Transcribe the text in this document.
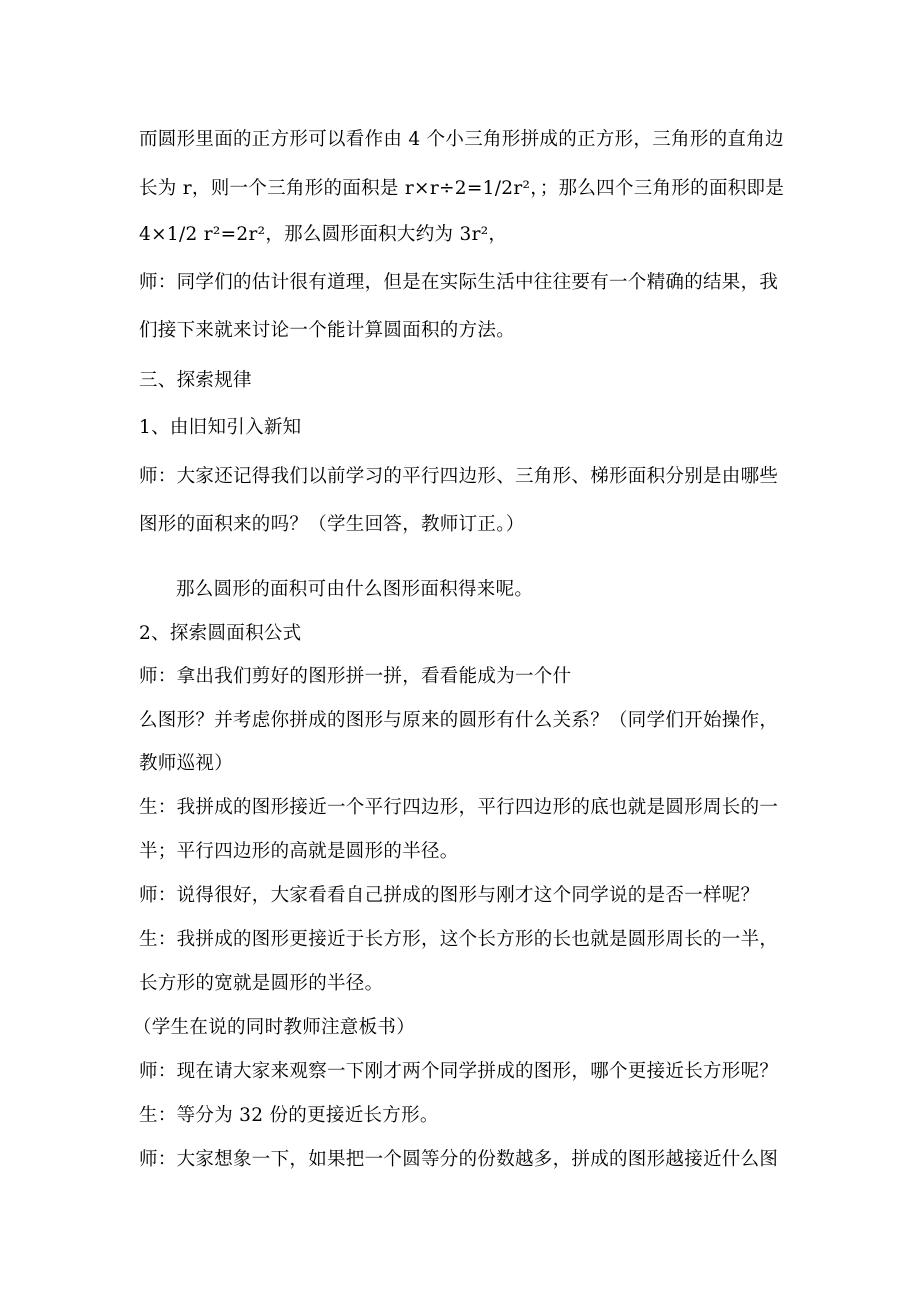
而圆形里面的正方形可以看作由 4 个小三角形拼成的正方形，三角形的直角边
长为 r，则一个三角形的面积是 r×r÷2=1/2r²，；那么四个三角形的面积即是
4×1/2 r²=2r²，那么圆形面积大约为 3r²，
师：同学们的估计很有道理，但是在实际生活中往往要有一个精确的结果，我
们接下来就来讨论一个能计算圆面积的方法。
三、探索规律
1、由旧知引入新知
师：大家还记得我们以前学习的平行四边形、三角形、梯形面积分别是由哪些
图形的面积来的吗？（学生回答，教师订正。）
那么圆形的面积可由什么图形面积得来呢。
2、探索圆面积公式
师：拿出我们剪好的图形拼一拼，看看能成为一个什
么图形？并考虑你拼成的图形与原来的圆形有什么关系？（同学们开始操作，
教师巡视）
生：我拼成的图形接近一个平行四边形，平行四边形的底也就是圆形周长的一
半；平行四边形的高就是圆形的半径。
师：说得很好，大家看看自己拼成的图形与刚才这个同学说的是否一样呢？
生：我拼成的图形更接近于长方形，这个长方形的长也就是圆形周长的一半，
长方形的宽就是圆形的半径。
（学生在说的同时教师注意板书）
师：现在请大家来观察一下刚才两个同学拼成的图形，哪个更接近长方形呢？
生：等分为 32 份的更接近长方形。
师：大家想象一下，如果把一个圆等分的份数越多，拼成的图形越接近什么图
